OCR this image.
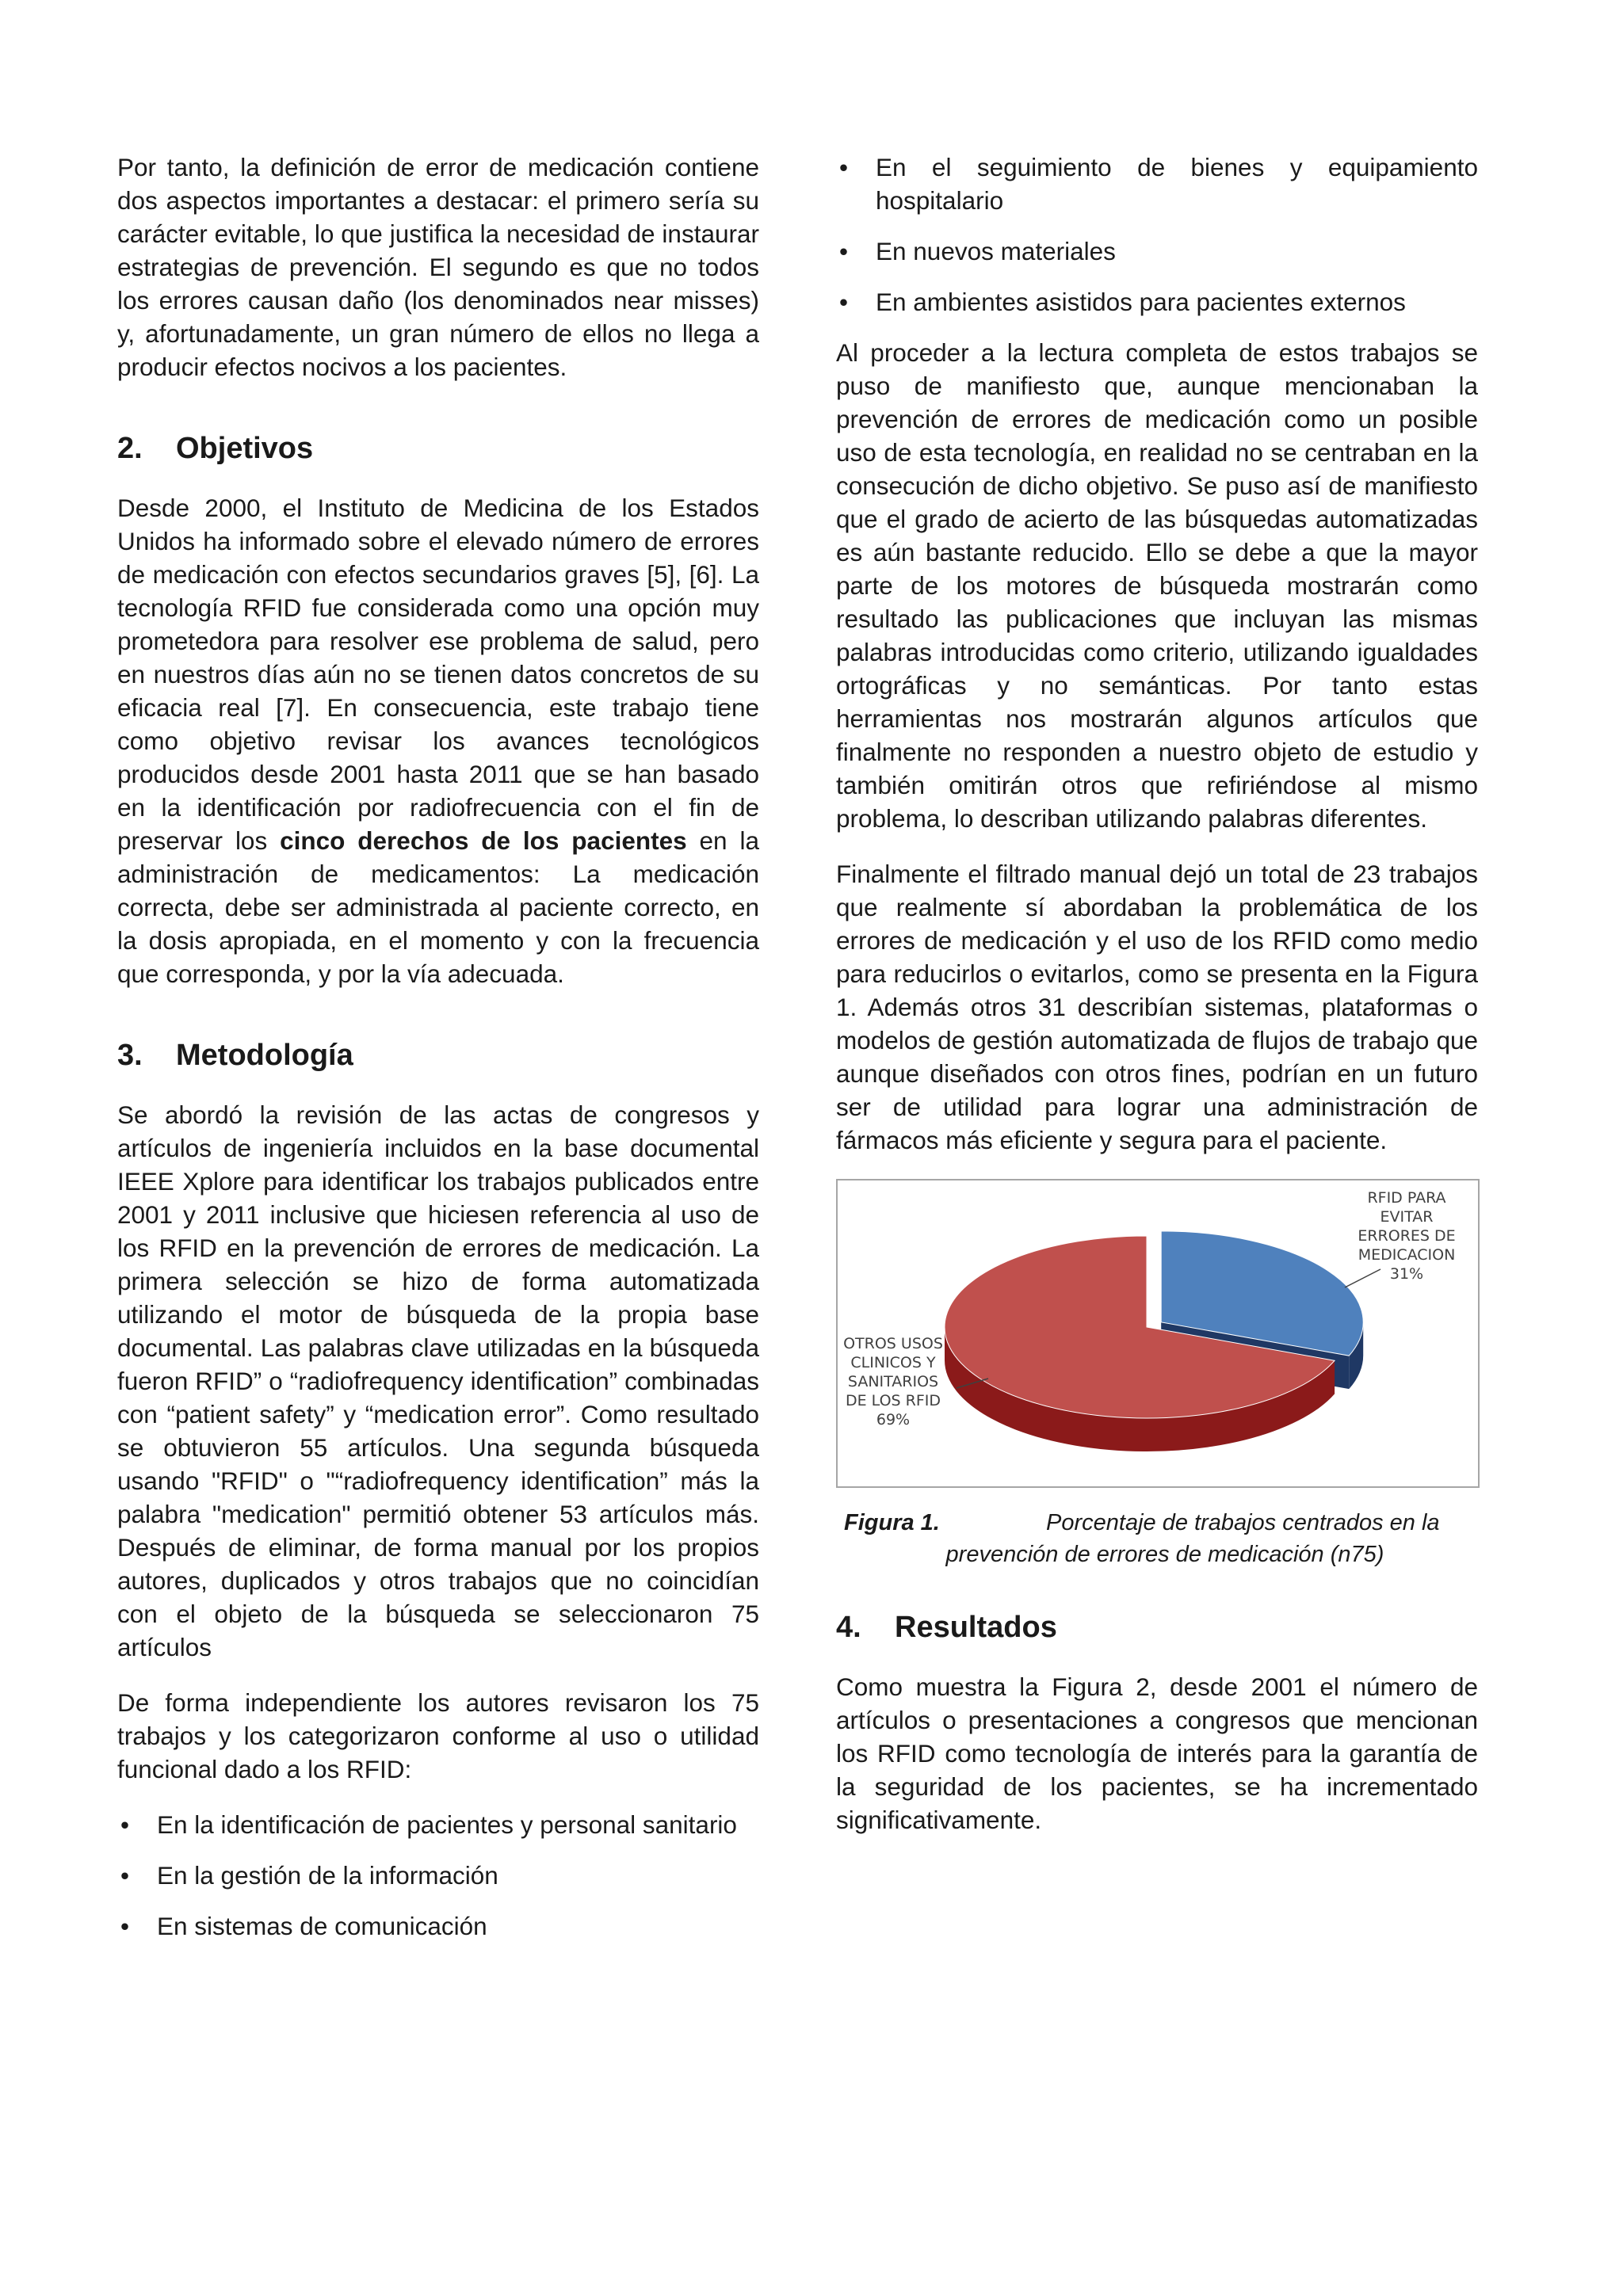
Por tanto, la definición de error de medicación contiene dos aspectos importantes a destacar: el primero sería su carácter evitable, lo que justifica la necesidad de instaurar estrategias de prevención. El segundo es que no todos los errores causan daño (los denominados near misses) y, afortunadamente, un gran número de ellos no llega a producir efectos nocivos a los pacientes.

2.	Objetivos

Desde 2000, el Instituto de Medicina de los Estados Unidos ha informado sobre el elevado número de errores de medicación con efectos secundarios graves [5], [6]. La tecnología RFID fue considerada como una opción muy prometedora para resolver ese problema de salud, pero en nuestros días aún no se tienen datos concretos de su eficacia real [7]. En consecuencia, este trabajo tiene como objetivo revisar los avances tecnológicos producidos desde 2001 hasta 2011 que se han basado en la identificación por radiofrecuencia con el fin de preservar los cinco derechos de los pacientes en la administración de medicamentos: La medicación correcta, debe ser administrada al paciente correcto, en la dosis apropiada, en el momento y con la frecuencia que corresponda, y por la vía adecuada.

3.	Metodología

Se abordó la revisión de las actas de congresos y artículos de ingeniería incluidos en la base documental IEEE Xplore para identificar los trabajos publicados entre 2001 y 2011 inclusive que hiciesen referencia al uso de los RFID en la prevención de errores de medicación. La primera selección se hizo de forma automatizada utilizando el motor de búsqueda de la propia base documental. Las palabras clave utilizadas en la búsqueda fueron RFID” o “radiofrequency identification” combinadas con “patient safety” y “medication error”. Como resultado se obtuvieron 55 artículos. Una segunda búsqueda usando "RFID" o "“radiofrequency identification” más la palabra "medication" permitió obtener 53 artículos más. Después de eliminar, de forma manual por los propios autores, duplicados y otros trabajos que no coincidían con el objeto de la búsqueda se seleccionaron 75 artículos

De forma independiente los autores revisaron los 75 trabajos y los categorizaron conforme al uso o utilidad funcional dado a los RFID:

•	En la identificación de pacientes y personal sanitario
•	En la gestión de la información
•	En sistemas de comunicación
•	En el seguimiento de bienes y equipamiento hospitalario
•	En nuevos materiales
•	En ambientes asistidos para pacientes externos

Al proceder a la lectura completa de estos trabajos se puso de manifiesto que, aunque mencionaban la prevención de errores de medicación como un posible uso de esta tecnología, en realidad no se centraban en la consecución de dicho objetivo. Se puso así de manifiesto que el grado de acierto de las búsquedas automatizadas es aún bastante reducido. Ello se debe a que la mayor parte de los motores de búsqueda mostrarán como resultado las publicaciones que incluyan las mismas palabras introducidas como criterio, utilizando igualdades ortográficas y no semánticas. Por tanto estas herramientas nos mostrarán algunos artículos que finalmente no responden a nuestro objeto de estudio y también omitirán otros que refiriéndose al mismo problema, lo describan utilizando palabras diferentes.

Finalmente el filtrado manual dejó un total de 23 trabajos que realmente sí abordaban la problemática de los errores de medicación y el uso de los RFID como medio para reducirlos o evitarlos, como se presenta en la Figura 1. Además otros 31 describían sistemas, plataformas o modelos de gestión automatizada de flujos de trabajo que aunque diseñados con otros fines, podrían en un futuro ser de utilidad para lograr una administración de fármacos más eficiente y segura para el paciente.

RFID PARA
EVITAR
ERRORES DE
MEDICACION
31%
OTROS USOS
CLINICOS Y
SANITARIOS
DE LOS RFID
69%
Figura 1.	Porcentaje de trabajos centrados en la
prevención de errores de medicación (n75)
4.	Resultados

Como muestra la Figura 2, desde 2001 el número de artículos o presentaciones a congresos que mencionan los RFID como tecnología de interés para la garantía de la seguridad de los pacientes, se ha incrementado significativamente.
